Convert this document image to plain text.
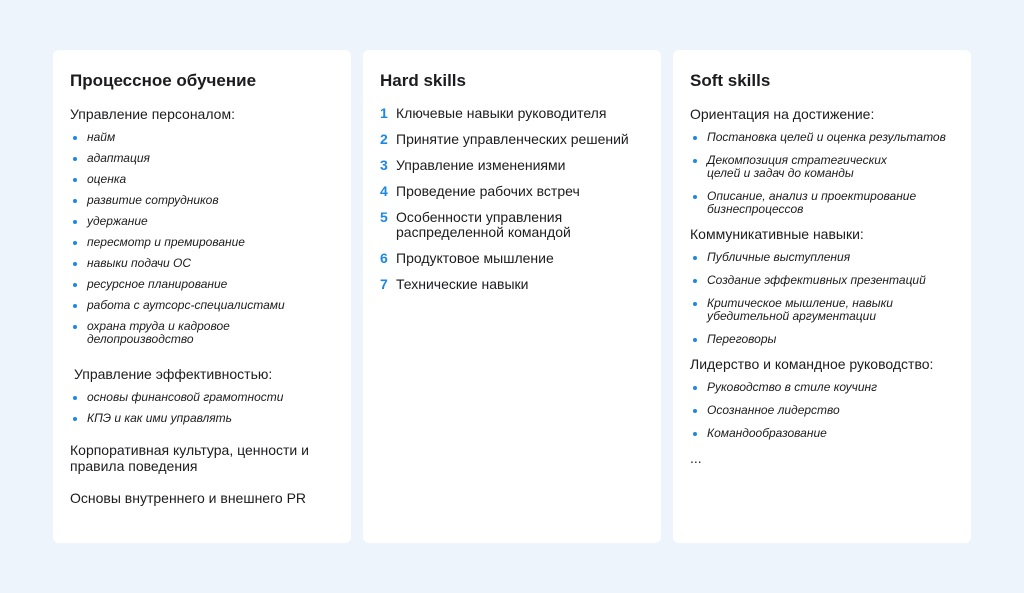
Процессное обучение
Управление персоналом:
найм
адаптация
оценка
развитие сотрудников
удержание
пересмотр и премирование
навыки подачи ОС
ресурсное планирование
работа с аутсорс-специалистами
охрана труда и кадровое делопроизводство
Управление эффективностью:
основы финансовой грамотности
КПЭ и как ими управлять
Корпоративная культура, ценности и правила поведения
Основы внутреннего и внешнего PR
Hard skills
1 Ключевые навыки руководителя
2 Принятие управленческих решений
3 Управление изменениями
4 Проведение рабочих встреч
5 Особенности управления распределенной командой
6 Продуктовое мышление
7 Технические навыки
Soft skills
Ориентация на достижение:
Постановка целей и оценка результатов
Декомпозиция стратегических целей и задач до команды
Описание, анализ и проектирование бизнеспроцессов
Коммуникативные навыки:
Публичные выступления
Создание эффективных презентаций
Критическое мышление, навыки убедительной аргументации
Переговоры
Лидерство и командное руководство:
Руководство в стиле коучинг
Осознанное лидерство
Командообразование
...
